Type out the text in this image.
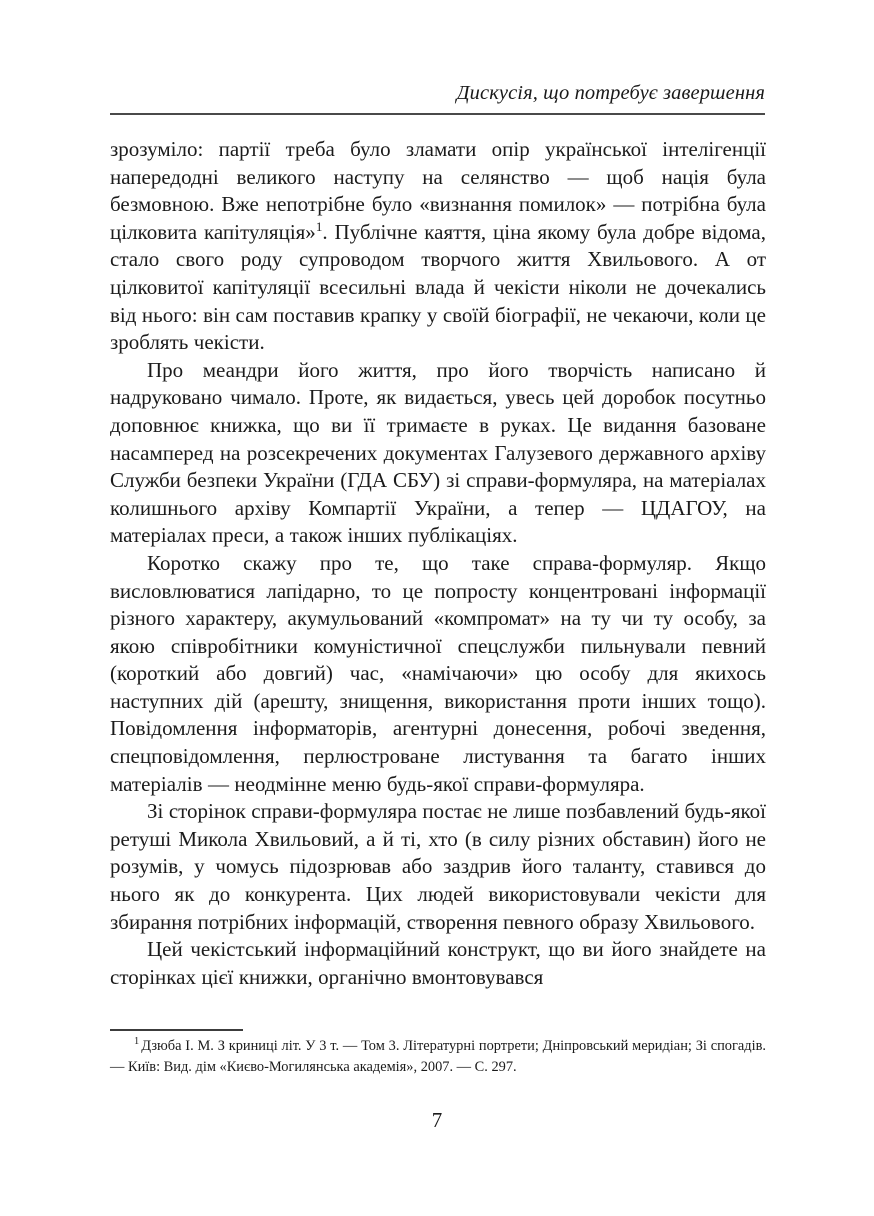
Дискусія, що потребує завершення

зрозуміло: партії треба було зламати опір української інтелігенції напередодні великого наступу на селянство — щоб нація була безмовною. Вже непотрібне було «визнання помилок» — потрібна була цілковита капітуляція»$^1$. Публічне каяття, ціна якому була добре відома, стало свого роду супроводом творчого життя Хвильового. А от цілковитої капітуляції всесильні влада й чекісти ніколи не дочекались від нього: він сам поставив крапку у своїй біографії, не чекаючи, коли це зроблять чекісти.

Про меандри його життя, про його творчість написано й надруковано чимало. Проте, як видається, увесь цей доробок посутньо доповнює книжка, що ви її тримаєте в руках. Це видання базоване насамперед на розсекречених документах Галузевого державного архіву Служби безпеки України (ГДА СБУ) зі справи-формуляра, на матеріалах колишнього архіву Компартії України, а тепер — ЦДАГОУ, на матеріалах преси, а також інших публікаціях.

Коротко скажу про те, що таке справа-формуляр. Якщо висловлюватися лапідарно, то це попросту концентровані інформації різного характеру, акумульований «компромат» на ту чи ту особу, за якою співробітники комуністичної спецслужби пильнували певний (короткий або довгий) час, «намічаючи» цю особу для якихось наступних дій (арешту, знищення, використання проти інших тощо). Повідомлення інформаторів, агентурні донесення, робочі зведення, спецповідомлення, перлюстроване листування та багато інших матеріалів — неодмінне меню будь-якої справи-формуляра.

Зі сторінок справи-формуляра постає не лише позбавлений будь-якої ретуші Микола Хвильовий, а й ті, хто (в силу різних обставин) його не розумів, у чомусь підозрював або заздрив його таланту, ставився до нього як до конкурента. Цих людей використовували чекісти для збирання потрібних інформацій, створення певного образу Хвильового.

Цей чекістський інформаційний конструкт, що ви його знайдете на сторінках цієї книжки, органічно вмонтовувався

$^1$ Дзюба І. М. З криниці літ. У 3 т. — Том 3. Літературні портрети; Дніпровський меридіан; Зі спогадів. — Київ: Вид. дім «Києво-Могилянська академія», 2007. — С. 297.
7
